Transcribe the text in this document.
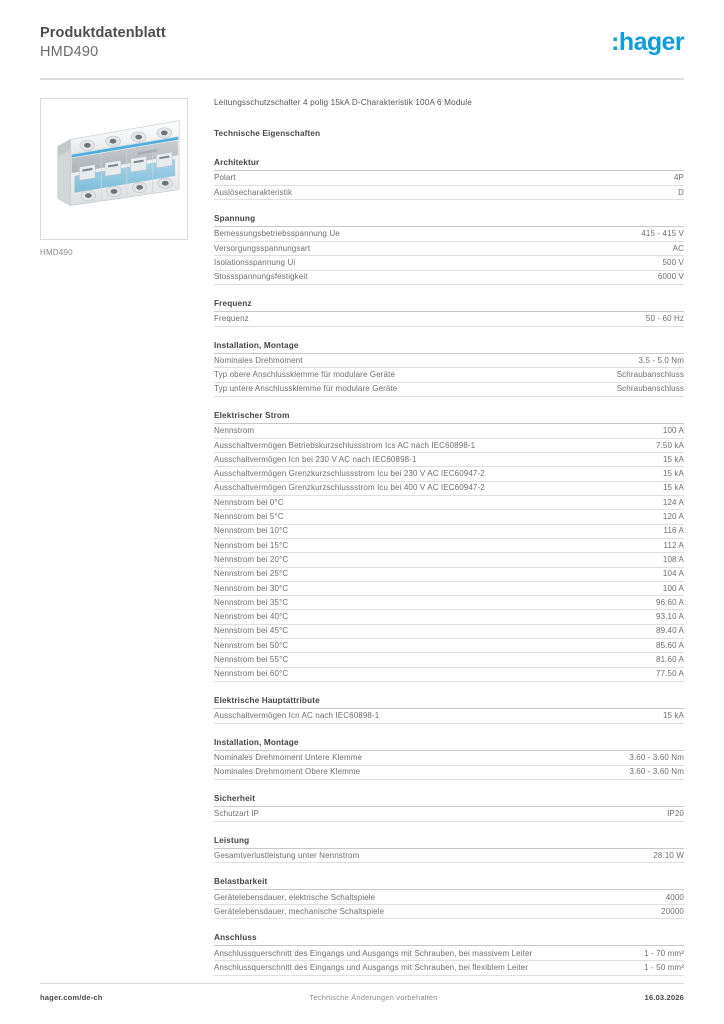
Produktdatenblatt
HMD490	: hager
HMD490

Leitungsschutzschalter 4 polig 15kA D-Charakteristik 100A 6 Module

Technische Eigenschaften

Architektur
Polart	4P
Auslösecharakteristik	D
Spannung
Bemessungsbetriebsspannung Ue	415 - 415 V
Versorgungsspannungsart	AC
Isolationsspannung Ui	500 V
Stossspannungsfestigkeit	6000 V
Frequenz
Frequenz	50 - 60 Hz
Installation, Montage
Nominales Drehmoment	3.5 - 5.0 Nm
Typ obere Anschlussklemme für modulare Geräte	Schraubanschluss
Typ untere Anschlussklemme für modulare Geräte	Schraubanschluss
Elektrischer Strom
Nennstrom	100 A
Ausschaltvermögen Betriebskurzschlussstrom Ics AC nach IEC60898-1	7.50 kA
Ausschaltvermögen Icn bei 230 V AC nach IEC60898-1	15 kA
Ausschaltvermögen Grenzkurzschlussstrom Icu bei 230 V AC IEC60947-2	15 kA
Ausschaltvermögen Grenzkurzschlussstrom Icu bei 400 V AC IEC60947-2	15 kA
Nennstrom bei 0°C	124 A
Nennstrom bei 5°C	120 A
Nennstrom bei 10°C	116 A
Nennstrom bei 15°C	112 A
Nennstrom bei 20°C	108 A
Nennstrom bei 25°C	104 A
Nennstrom bei 30°C	100 A
Nennstrom bei 35°C	96.60 A
Nennstrom bei 40°C	93.10 A
Nennstrom bei 45°C	89.40 A
Nennstrom bei 50°C	85.60 A
Nennstrom bei 55°C	81.60 A
Nennstrom bei 60°C	77.50 A
Elektrische Hauptattribute
Ausschaltvermögen Icn AC nach IEC60898-1	15 kA
Installation, Montage
Nominales Drehmoment Untere Klemme	3.60 - 3.60 Nm
Nominales Drehmoment Obere Klemme	3.60 - 3.60 Nm
Sicherheit
Schutzart IP	IP20
Leistung
Gesamtverlustleistung unter Nennstrom	28.10 W
Belastbarkeit
Gerätelebensdauer, elektrische Schaltspiele	4000
Gerätelebensdauer, mechanische Schaltspiele	20000
Anschluss
Anschlussquerschnitt des Eingangs und Ausgangs mit Schrauben, bei massivem Leiter	1 - 70 mm²
Anschlussquerschnitt des Eingangs und Ausgangs mit Schrauben, bei flexiblem Leiter	1 - 50 mm²
hager.com/de-ch	Technische Änderungen vorbehalten	16.03.2026
